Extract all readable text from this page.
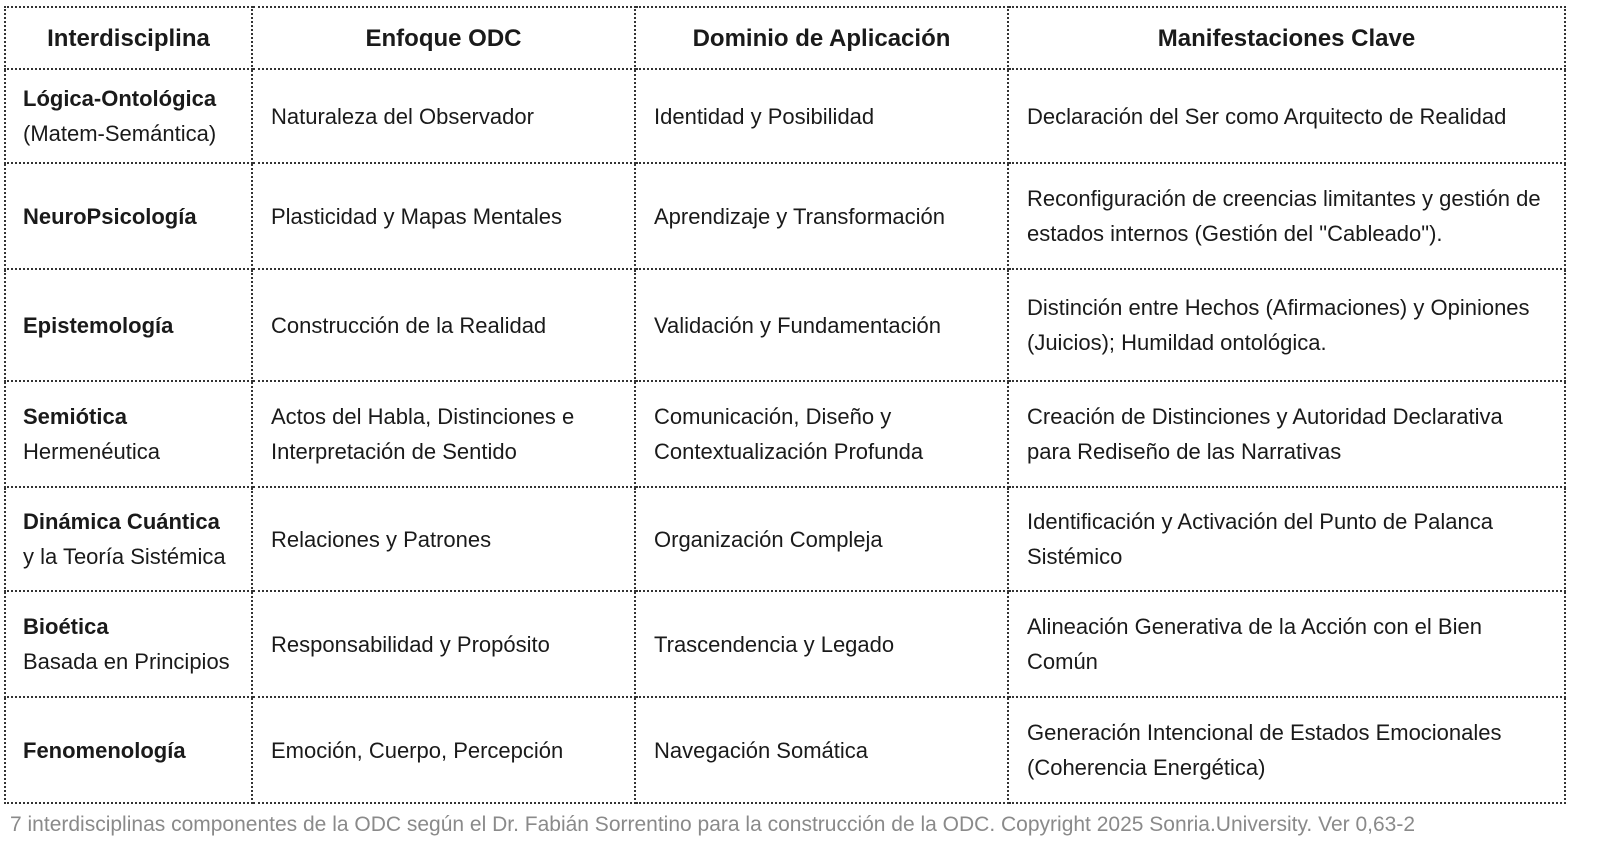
Interdisciplina	Enfoque ODC	Dominio de Aplicación	Manifestaciones Clave

Lógica-Ontológica
(Matem-Semántica)	Naturaleza del Observador	Identidad y Posibilidad	Declaración del Ser como Arquitecto de Realidad

NeuroPsicología	Plasticidad y Mapas Mentales	Aprendizaje y Transformación	Reconfiguración de creencias limitantes y gestión de estados internos (Gestión del "Cableado").

Epistemología	Construcción de la Realidad	Validación y Fundamentación	Distinción entre Hechos (Afirmaciones) y Opiniones (Juicios); Humildad ontológica.

Semiótica
Hermenéutica	Actos del Habla, Distinciones e Interpretación de Sentido	Comunicación, Diseño y Contextualización Profunda	Creación de Distinciones y Autoridad Declarativa para Rediseño de las Narrativas

Dinámica Cuántica
y la Teoría Sistémica	Relaciones y Patrones	Organización Compleja	Identificación y Activación del Punto de Palanca Sistémico

Bioética
Basada en Principios	Responsabilidad y Propósito	Trascendencia y Legado	Alineación Generativa de la Acción con el Bien Común

Fenomenología	Emoción, Cuerpo, Percepción	Navegación Somática	Generación Intencional de Estados Emocionales (Coherencia Energética)
7 interdisciplinas componentes de la ODC según el Dr. Fabián Sorrentino para la construcción de la ODC. Copyright 2025 Sonria.University. Ver 0,63-2
